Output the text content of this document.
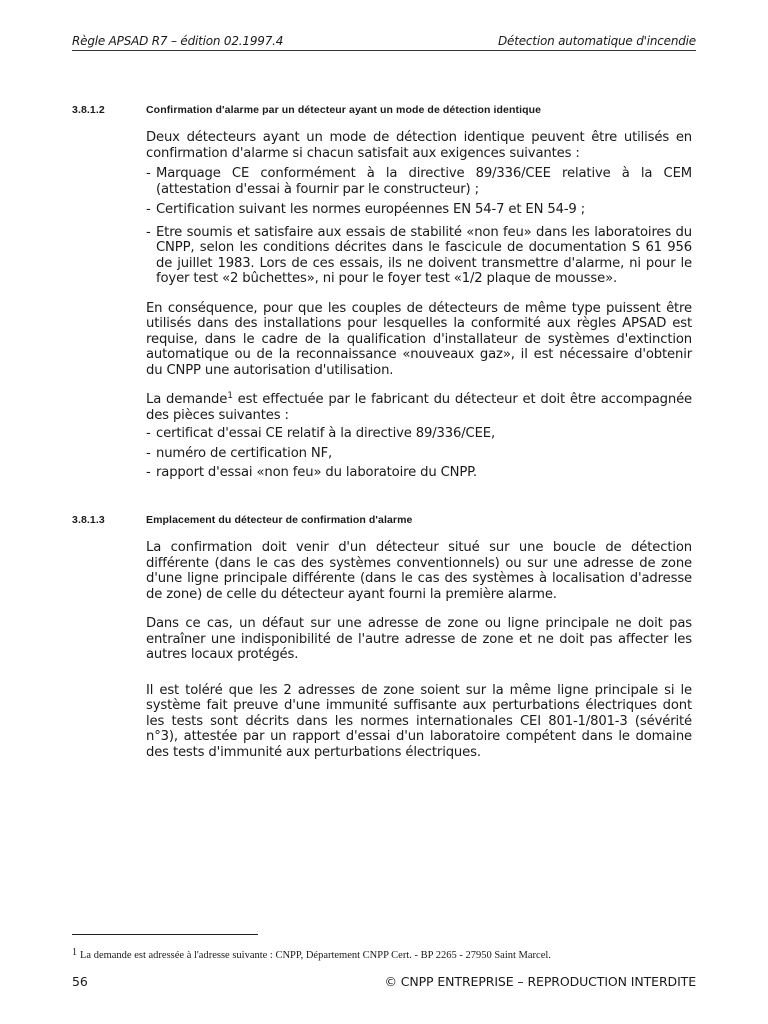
Règle APSAD R7 – édition 02.1997.4	Détection automatique d'incendie
3.8.1.2	Confirmation d'alarme par un détecteur ayant un mode de détection identique

Deux détecteurs ayant un mode de détection identique peuvent être utilisés en confirmation d'alarme si chacun satisfait aux exigences suivantes :

- Marquage CE conformément à la directive 89/336/CEE relative à la CEM (attestation d'essai à fournir par le constructeur) ;

- Certification suivant les normes européennes EN 54-7 et EN 54-9 ;

- Etre soumis et satisfaire aux essais de stabilité «non feu» dans les laboratoires du CNPP, selon les conditions décrites dans le fascicule de documentation S 61 956 de juillet 1983. Lors de ces essais, ils ne doivent transmettre d'alarme, ni pour le foyer test «2 bûchettes», ni pour le foyer test «1/2 plaque de mousse».

En conséquence, pour que les couples de détecteurs de même type puissent être utilisés dans des installations pour lesquelles la conformité aux règles APSAD est requise, dans le cadre de la qualification d'installateur de systèmes d'extinction automatique ou de la reconnaissance «nouveaux gaz», il est nécessaire d'obtenir du CNPP une autorisation d'utilisation.

La demande$^1$ est effectuée par le fabricant du détecteur et doit être accompagnée des pièces suivantes :

- certificat d'essai CE relatif à la directive 89/336/CEE,

- numéro de certification NF,

- rapport d'essai «non feu» du laboratoire du CNPP.

3.8.1.3	Emplacement du détecteur de confirmation d'alarme

La confirmation doit venir d'un détecteur situé sur une boucle de détection différente (dans le cas des systèmes conventionnels) ou sur une adresse de zone d'une ligne principale différente (dans le cas des systèmes à localisation d'adresse de zone) de celle du détecteur ayant fourni la première alarme.

Dans ce cas, un défaut sur une adresse de zone ou ligne principale ne doit pas entraîner une indisponibilité de l'autre adresse de zone et ne doit pas affecter les autres locaux protégés.

Il est toléré que les 2 adresses de zone soient sur la même ligne principale si le système fait preuve d'une immunité suffisante aux perturbations électriques dont les tests sont décrits dans les normes internationales CEI 801-1/801-3 (sévérité n°3), attestée par un rapport d'essai d'un laboratoire compétent dans le domaine des tests d'immunité aux perturbations électriques.

$^1$ La demande est adressée à l'adresse suivante : CNPP, Département CNPP Cert. - BP 2265 - 27950 Saint Marcel.
56	© CNPP ENTREPRISE – REPRODUCTION INTERDITE
